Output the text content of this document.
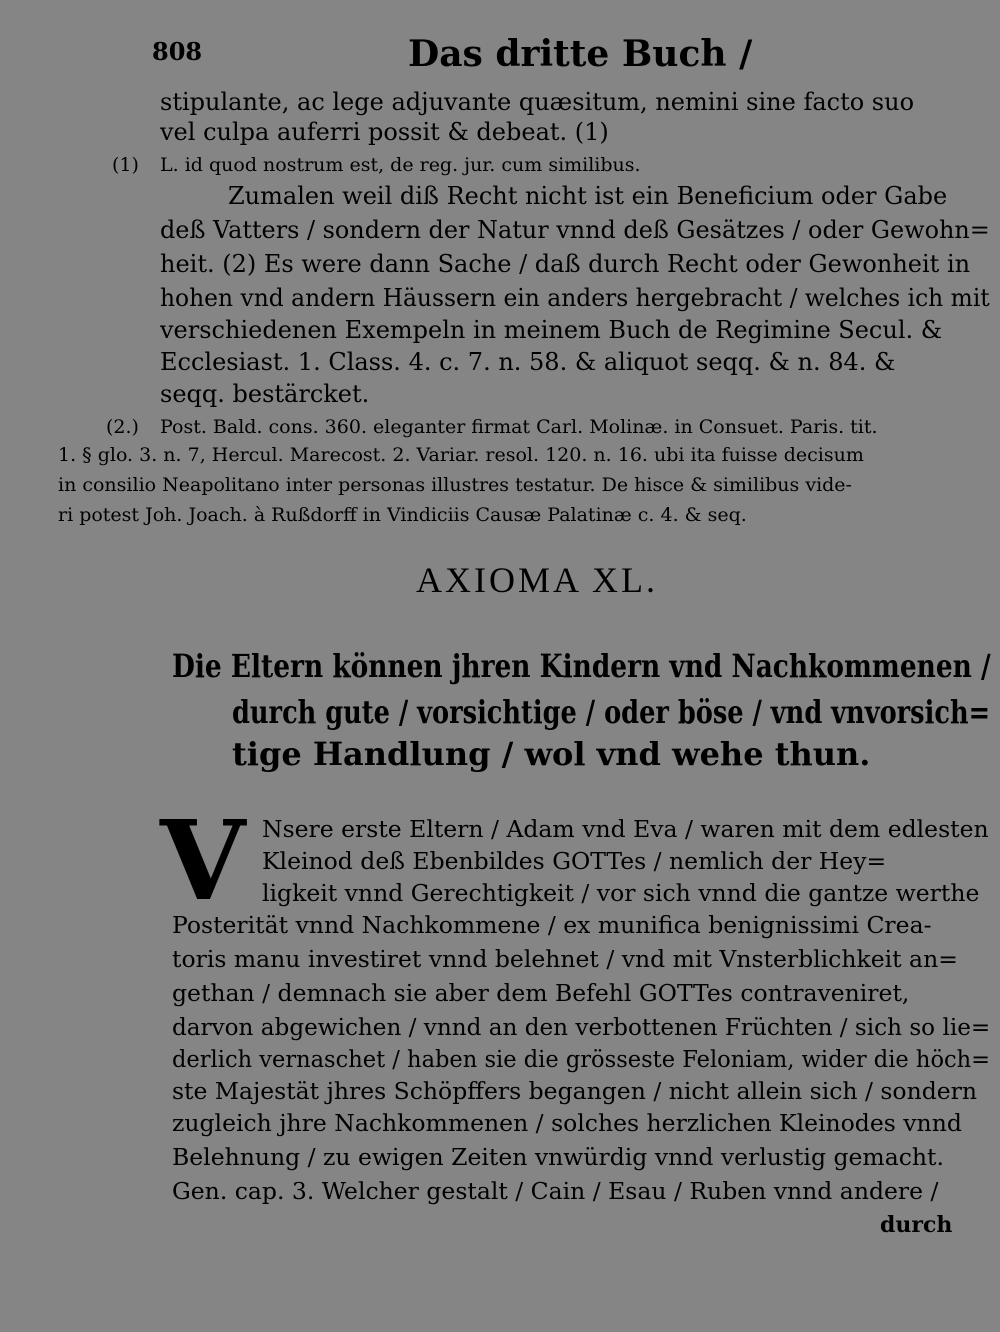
808	Das dritte Buch /
stipulante, ac lege adjuvante quæsitum, nemini sine facto suo
vel culpa auferri possit & debeat. (1)
(1) L. id quod nostrum est, de reg. jur. cum similibus.
Zumalen weil diß Recht nicht ist ein Beneficium oder Gabe
deß Vatters / sondern der Natur vnnd deß Gesätzes / oder Gewohn=
heit. (2) Es were dann Sache / daß durch Recht oder Gewonheit in
hohen vnd andern Häussern ein anders hergebracht / welches ich mit
verschiedenen Exempeln in meinem Buch de Regimine Secul. &
Ecclesiast. 1. Class. 4. c. 7. n. 58. & aliquot seqq. & n. 84. &
seqq. bestärcket.
(2.) Post. Bald. cons. 360. eleganter firmat Carl. Molinæ. in Consuet. Paris. tit.
1. § glo. 3. n. 7, Hercul. Marecost. 2. Variar. resol. 120. n. 16. ubi ita fuisse decisum
in consilio Neapolitano inter personas illustres testatur. De hisce & similibus vide-
ri potest Joh. Joach. à Rußdorff in Vindiciis Causæ Palatinæ c. 4. & seq.
AXIOMA XL.
Die Eltern können jhren Kindern vnd Nachkommenen /
durch gute / vorsichtige / oder böse / vnd vnvorsich=
tige Handlung / wol vnd wehe thun.
V Nsere erste Eltern / Adam vnd Eva / waren mit dem edlesten
Kleinod deß Ebenbildes GOTTes / nemlich der Hey=
ligkeit vnnd Gerechtigkeit / vor sich vnnd die gantze werthe
Posterität vnnd Nachkommene / ex munifica benignissimi Crea-
toris manu investiret vnnd belehnet / vnd mit Vnsterblichkeit an=
gethan / demnach sie aber dem Befehl GOTTes contraveniret,
darvon abgewichen / vnnd an den verbottenen Früchten / sich so lie=
derlich vernaschet / haben sie die grösseste Feloniam, wider die höch=
ste Majestät jhres Schöpffers begangen / nicht allein sich / sondern
zugleich jhre Nachkommenen / solches herzlichen Kleinodes vnnd
Belehnung / zu ewigen Zeiten vnwürdig vnnd verlustig gemacht.
Gen. cap. 3. Welcher gestalt / Cain / Esau / Ruben vnnd andere /
durch
